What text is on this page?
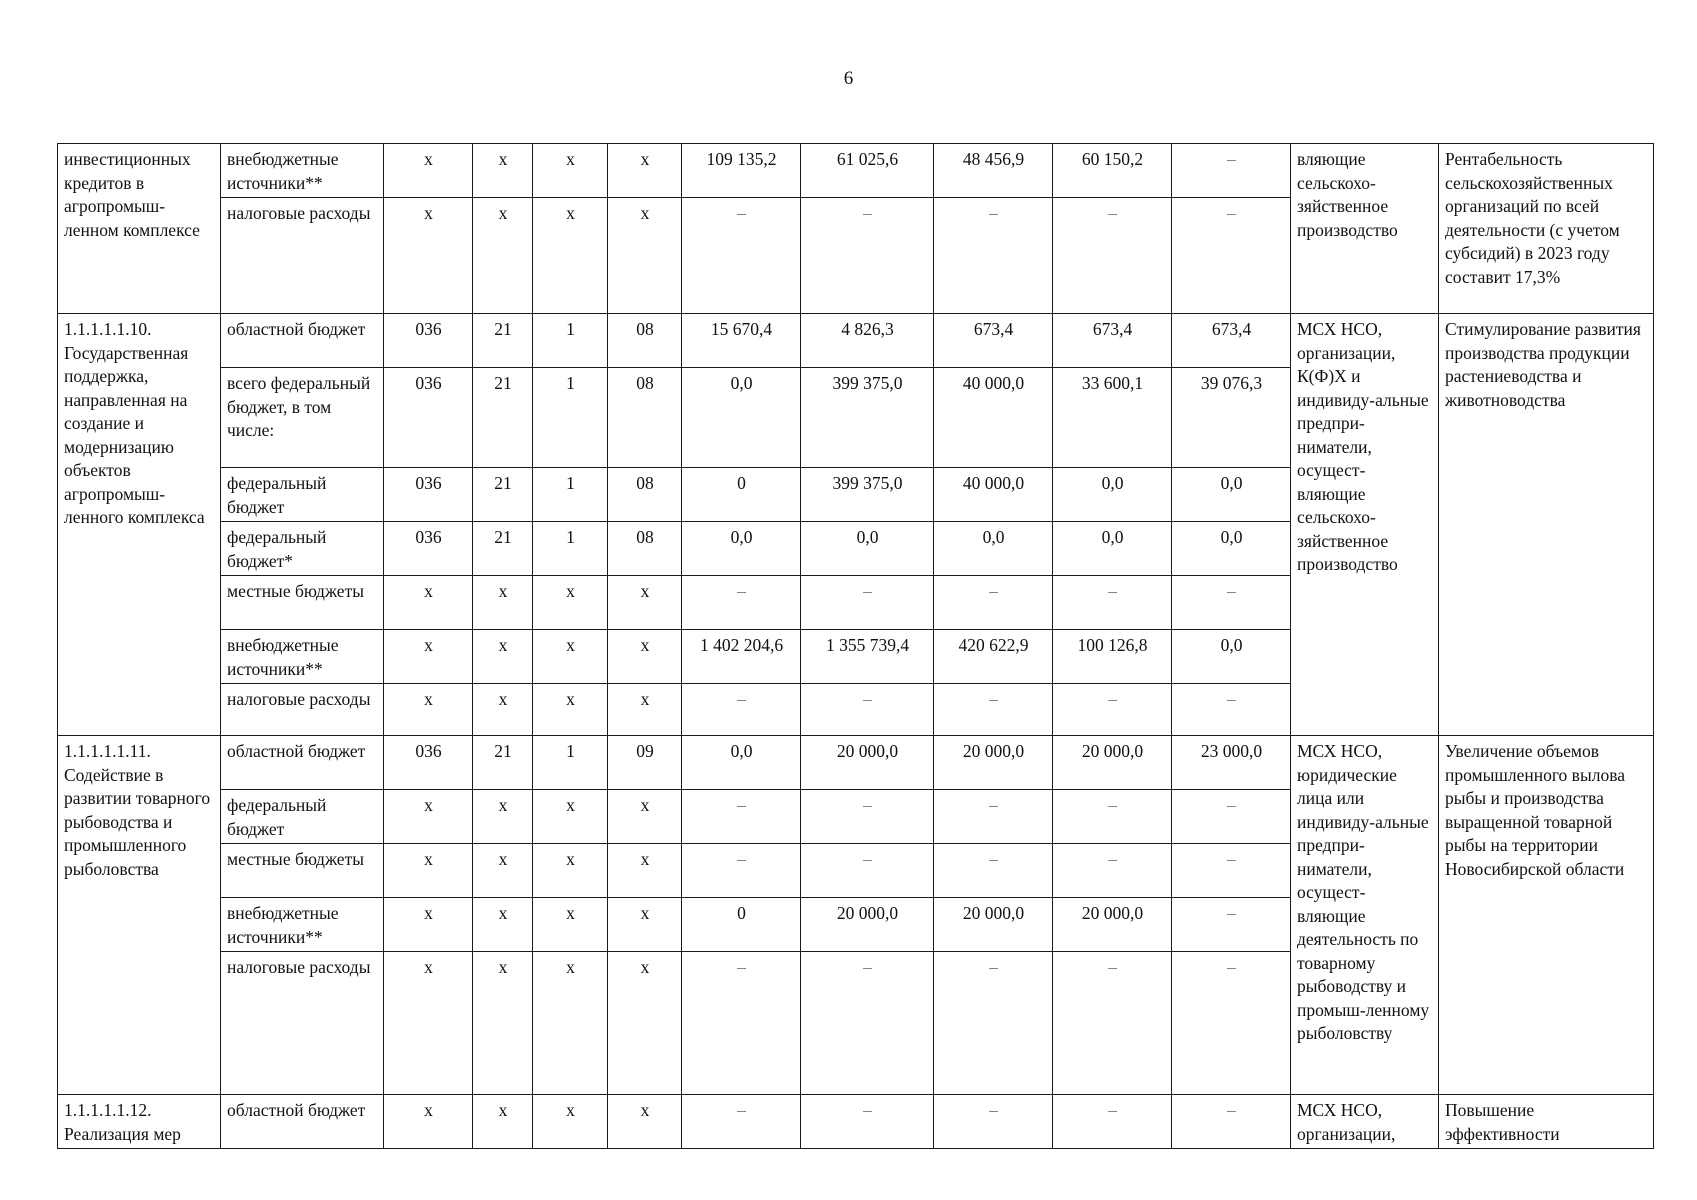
6
инвестиционных кредитов в агропромыш-ленном комплексе	внебюджетные источники**	x	x	x	x	109 135,2	61 025,6	48 456,9	60 150,2	–	вляющие сельскохо-зяйственное производство	Рентабельность сельскохозяйственных организаций по всей деятельности (с учетом субсидий) в 2023 году составит 17,3%
	налоговые расходы	x	x	x	x	–	–	–	–	–		
1.1.1.1.1.10. Государственная поддержка, направленная на создание и модернизацию объектов агропромыш-ленного комплекса	областной бюджет	036	21	1	08	15 670,4	4 826,3	673,4	673,4	673,4	МСХ НСО, организации, К(Ф)Х и индивиду-альные предпри-ниматели, осущест-вляющие сельскохо-зяйственное производство	Стимулирование развития производства продукции растениеводства и животноводства
	всего федеральный бюджет, в том числе:	036	21	1	08	0,0	399 375,0	40 000,0	33 600,1	39 076,3		
	федеральный бюджет	036	21	1	08	0	399 375,0	40 000,0	0,0	0,0		
	федеральный бюджет*	036	21	1	08	0,0	0,0	0,0	0,0	0,0		
	местные бюджеты	x	x	x	x	–	–	–	–	–		
	внебюджетные источники**	x	x	x	x	1 402 204,6	1 355 739,4	420 622,9	100 126,8	0,0		
	налоговые расходы	x	x	x	x	–	–	–	–	–		
1.1.1.1.1.11. Содействие в развитии товарного рыбоводства и промышленного рыболовства	областной бюджет	036	21	1	09	0,0	20 000,0	20 000,0	20 000,0	23 000,0	МСХ НСО, юридические лица или индивиду-альные предпри-ниматели, осущест-вляющие деятельность по товарному рыбоводству и промыш-ленному рыболовству	Увеличение объемов промышленного вылова рыбы и производства выращенной товарной рыбы на территории Новосибирской области
	федеральный бюджет	x	x	x	x	–	–	–	–	–		
	местные бюджеты	x	x	x	x	–	–	–	–	–		
	внебюджетные источники**	x	x	x	x	0	20 000,0	20 000,0	20 000,0	–		
	налоговые расходы	x	x	x	x	–	–	–	–	–		
1.1.1.1.1.12. Реализация мер	областной бюджет	x	x	x	x	–	–	–	–	–	МСХ НСО, организации,	Повышение эффективности
